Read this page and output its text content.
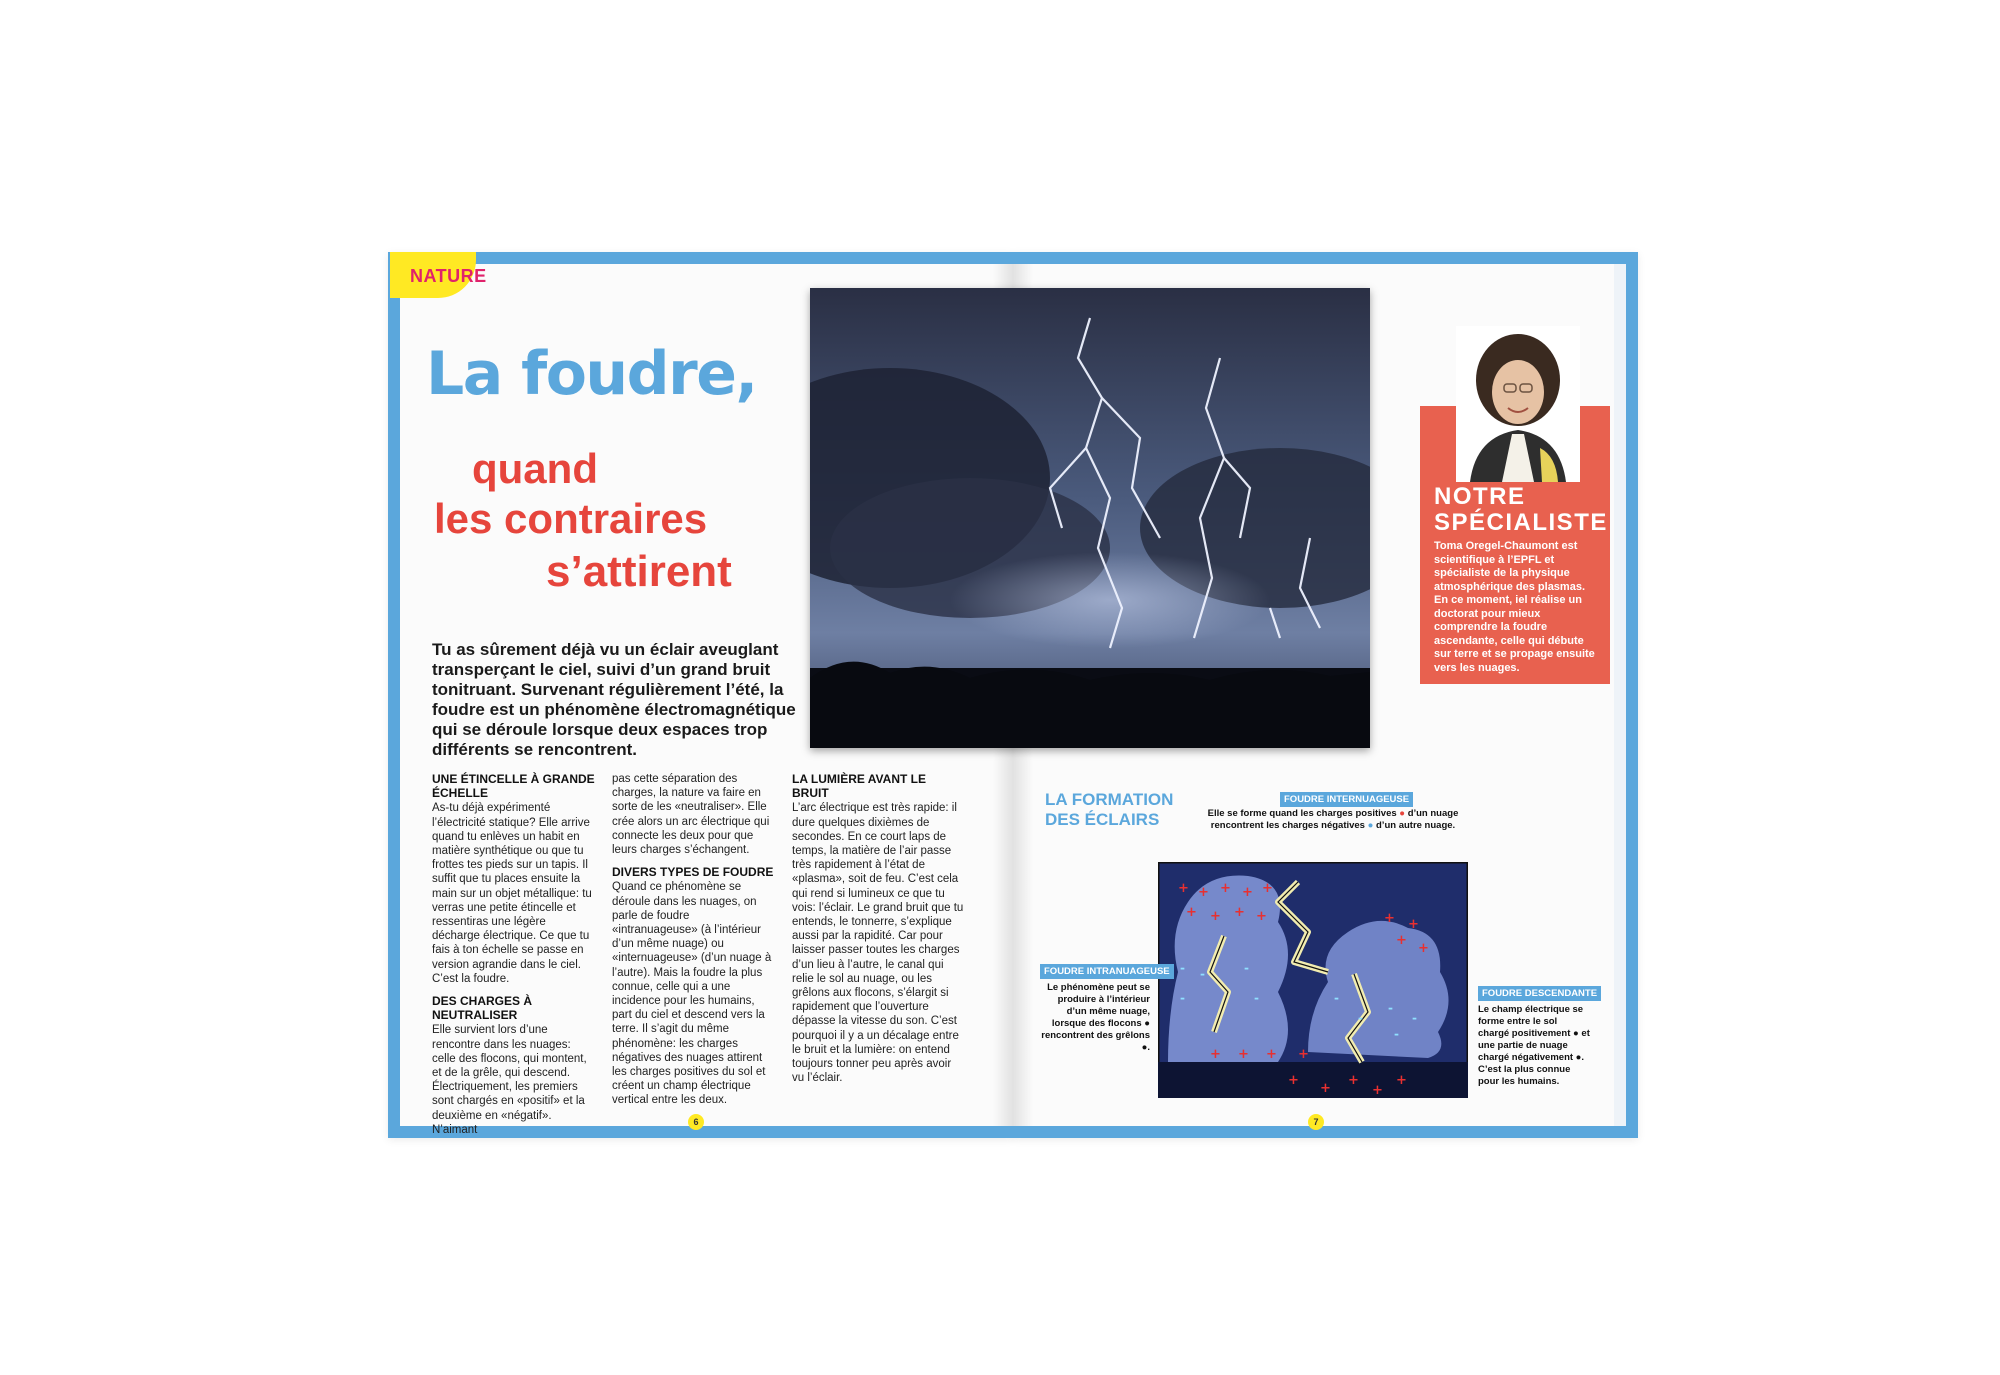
NATURE
La foudre,
quand
les contraires
s’attirent
Tu as sûrement déjà vu un éclair aveuglant transperçant le ciel, suivi d’un grand bruit tonitruant. Survenant régulièrement l’été, la foudre est un phénomène électromagnétique qui se déroule lorsque deux espaces trop différents se rencontrent.
UNE ÉTINCELLE À GRANDE ÉCHELLE

As-tu déjà expérimenté l’électricité statique? Elle arrive quand tu enlèves un habit en matière synthétique ou que tu frottes tes pieds sur un tapis. Il suffit que tu places ensuite la main sur un objet métallique: tu verras une petite étincelle et ressentiras une légère décharge électrique. Ce que tu fais à ton échelle se passe en version agrandie dans le ciel. C’est la foudre.

DES CHARGES À NEUTRALISER

Elle survient lors d’une rencontre dans les nuages: celle des flocons, qui montent, et de la grêle, qui descend. Électriquement, les premiers sont chargés en «positif» et la deuxième en «négatif». N’aimant

pas cette séparation des charges, la nature va faire en sorte de les «neutraliser». Elle crée alors un arc électrique qui connecte les deux pour que leurs charges s’échangent.

DIVERS TYPES DE FOUDRE

Quand ce phénomène se déroule dans les nuages, on parle de foudre «intranuageuse» (à l’intérieur d’un même nuage) ou «internuageuse» (d’un nuage à l’autre). Mais la foudre la plus connue, celle qui a une incidence pour les humains, part du ciel et descend vers la terre. Il s’agit du même phénomène: les charges négatives des nuages attirent les charges positives du sol et créent un champ électrique vertical entre les deux.

LA LUMIÈRE AVANT LE BRUIT

L’arc électrique est très rapide: il dure quelques dixièmes de secondes. En ce court laps de temps, la matière de l’air passe très rapidement à l’état de «plasma», soit de feu. C’est cela qui rend si lumineux ce que tu vois: l’éclair. Le grand bruit que tu entends, le tonnerre, s’explique aussi par la rapidité. Car pour laisser passer toutes les charges d’un lieu à l’autre, le canal qui relie le sol au nuage, ou les grêlons aux flocons, s’élargit si rapidement que l’ouverture dépasse la vitesse du son. C’est pourquoi il y a un décalage entre le bruit et la lumière: on entend toujours tonner peu après avoir vu l’éclair.

6	7
NOTRE
SPÉCIALISTE
Toma Oregel-Chaumont est scientifique à l’EPFL et spécialiste de la physique atmosphérique des plasmas. En ce moment, iel réalise un doctorat pour mieux comprendre la foudre ascendante, celle qui débute sur terre et se propage ensuite vers les nuages.
LA FORMATION
DES ÉCLAIRS
FOUDRE INTERNUAGEUSE
Elle se forme quand les charges positives ● d’un nuage rencontrent les charges négatives ● d’un autre nuage.
+ + + + +
+ + + +	+ +
+
+
+ + + +
+
+
+
+
+
- -	-
-	-	-
-
-
-
-
FOUDRE INTRANUAGEUSE
Le phénomène peut se produire à l’intérieur d’un même nuage, lorsque des flocons ● rencontrent des grêlons ●.
FOUDRE DESCENDANTE
Le champ électrique se forme entre le sol chargé positivement ● et une partie de nuage chargé négativement ●. C’est la plus connue pour les humains.
